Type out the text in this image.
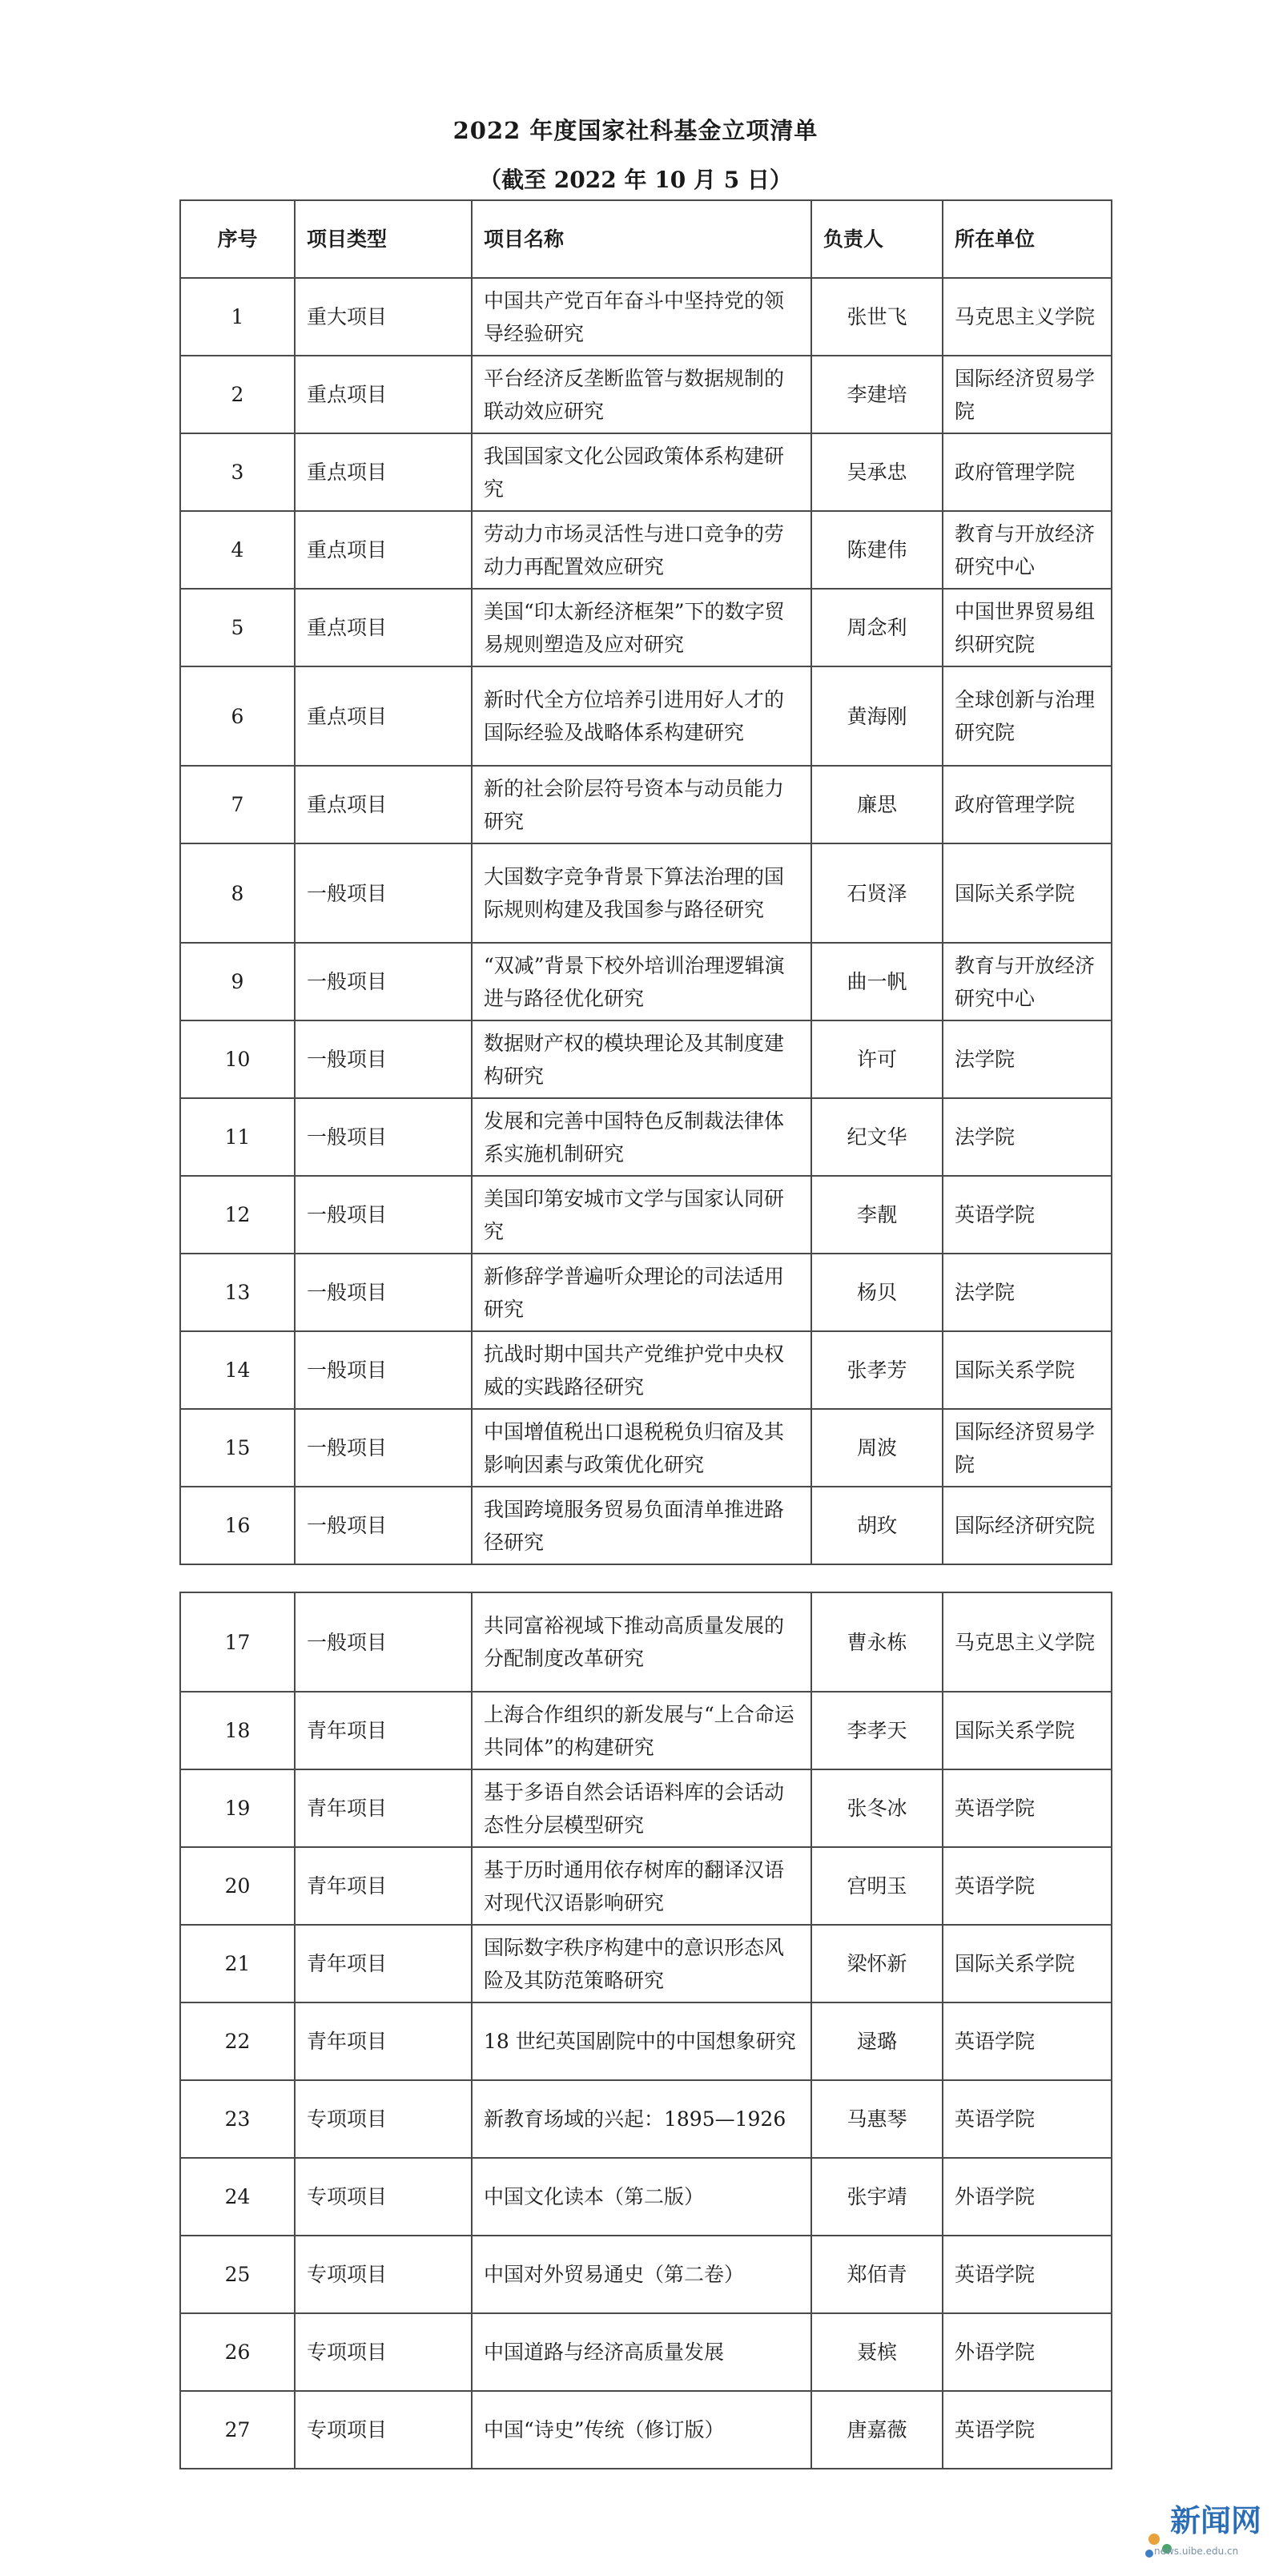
2022 年度国家社科基金立项清单
（截至 2022 年 10 月 5 日）
序号	项目类型	项目名称	负责人	所在单位
1	重大项目	中国共产党百年奋斗中坚持党的领导经验研究	张世飞	马克思主义学院
2	重点项目	平台经济反垄断监管与数据规制的联动效应研究	李建培	国际经济贸易学院
3	重点项目	我国国家文化公园政策体系构建研究	吴承忠	政府管理学院
4	重点项目	劳动力市场灵活性与进口竞争的劳动力再配置效应研究	陈建伟	教育与开放经济研究中心
5	重点项目	美国“印太新经济框架”下的数字贸易规则塑造及应对研究	周念利	中国世界贸易组织研究院
6	重点项目	新时代全方位培养引进用好人才的国际经验及战略体系构建研究	黄海刚	全球创新与治理研究院
7	重点项目	新的社会阶层符号资本与动员能力研究	廉思	政府管理学院
8	一般项目	大国数字竞争背景下算法治理的国际规则构建及我国参与路径研究	石贤泽	国际关系学院
9	一般项目	“双减”背景下校外培训治理逻辑演进与路径优化研究	曲一帆	教育与开放经济研究中心
10	一般项目	数据财产权的模块理论及其制度建构研究	许可	法学院
11	一般项目	发展和完善中国特色反制裁法律体系实施机制研究	纪文华	法学院
12	一般项目	美国印第安城市文学与国家认同研究	李靓	英语学院
13	一般项目	新修辞学普遍听众理论的司法适用研究	杨贝	法学院
14	一般项目	抗战时期中国共产党维护党中央权威的实践路径研究	张孝芳	国际关系学院
15	一般项目	中国增值税出口退税税负归宿及其影响因素与政策优化研究	周波	国际经济贸易学院
16	一般项目	我国跨境服务贸易负面清单推进路径研究	胡玫	国际经济研究院
17	一般项目	共同富裕视域下推动高质量发展的分配制度改革研究	曹永栋	马克思主义学院
18	青年项目	上海合作组织的新发展与“上合命运共同体”的构建研究	李孝天	国际关系学院
19	青年项目	基于多语自然会话语料库的会话动态性分层模型研究	张冬冰	英语学院
20	青年项目	基于历时通用依存树库的翻译汉语对现代汉语影响研究	宫明玉	英语学院
21	青年项目	国际数字秩序构建中的意识形态风险及其防范策略研究	梁怀新	国际关系学院
22	青年项目	18 世纪英国剧院中的中国想象研究	逯璐	英语学院
23	专项项目	新教育场域的兴起：1895—1926	马惠琴	英语学院
24	专项项目	中国文化读本（第二版）	张宇靖	外语学院
25	专项项目	中国对外贸易通史（第二卷）	郑佰青	英语学院
26	专项项目	中国道路与经济高质量发展	聂槟	外语学院
27	专项项目	中国“诗史”传统（修订版）	唐嘉薇	英语学院
新闻网
news.uibe.edu.cn
